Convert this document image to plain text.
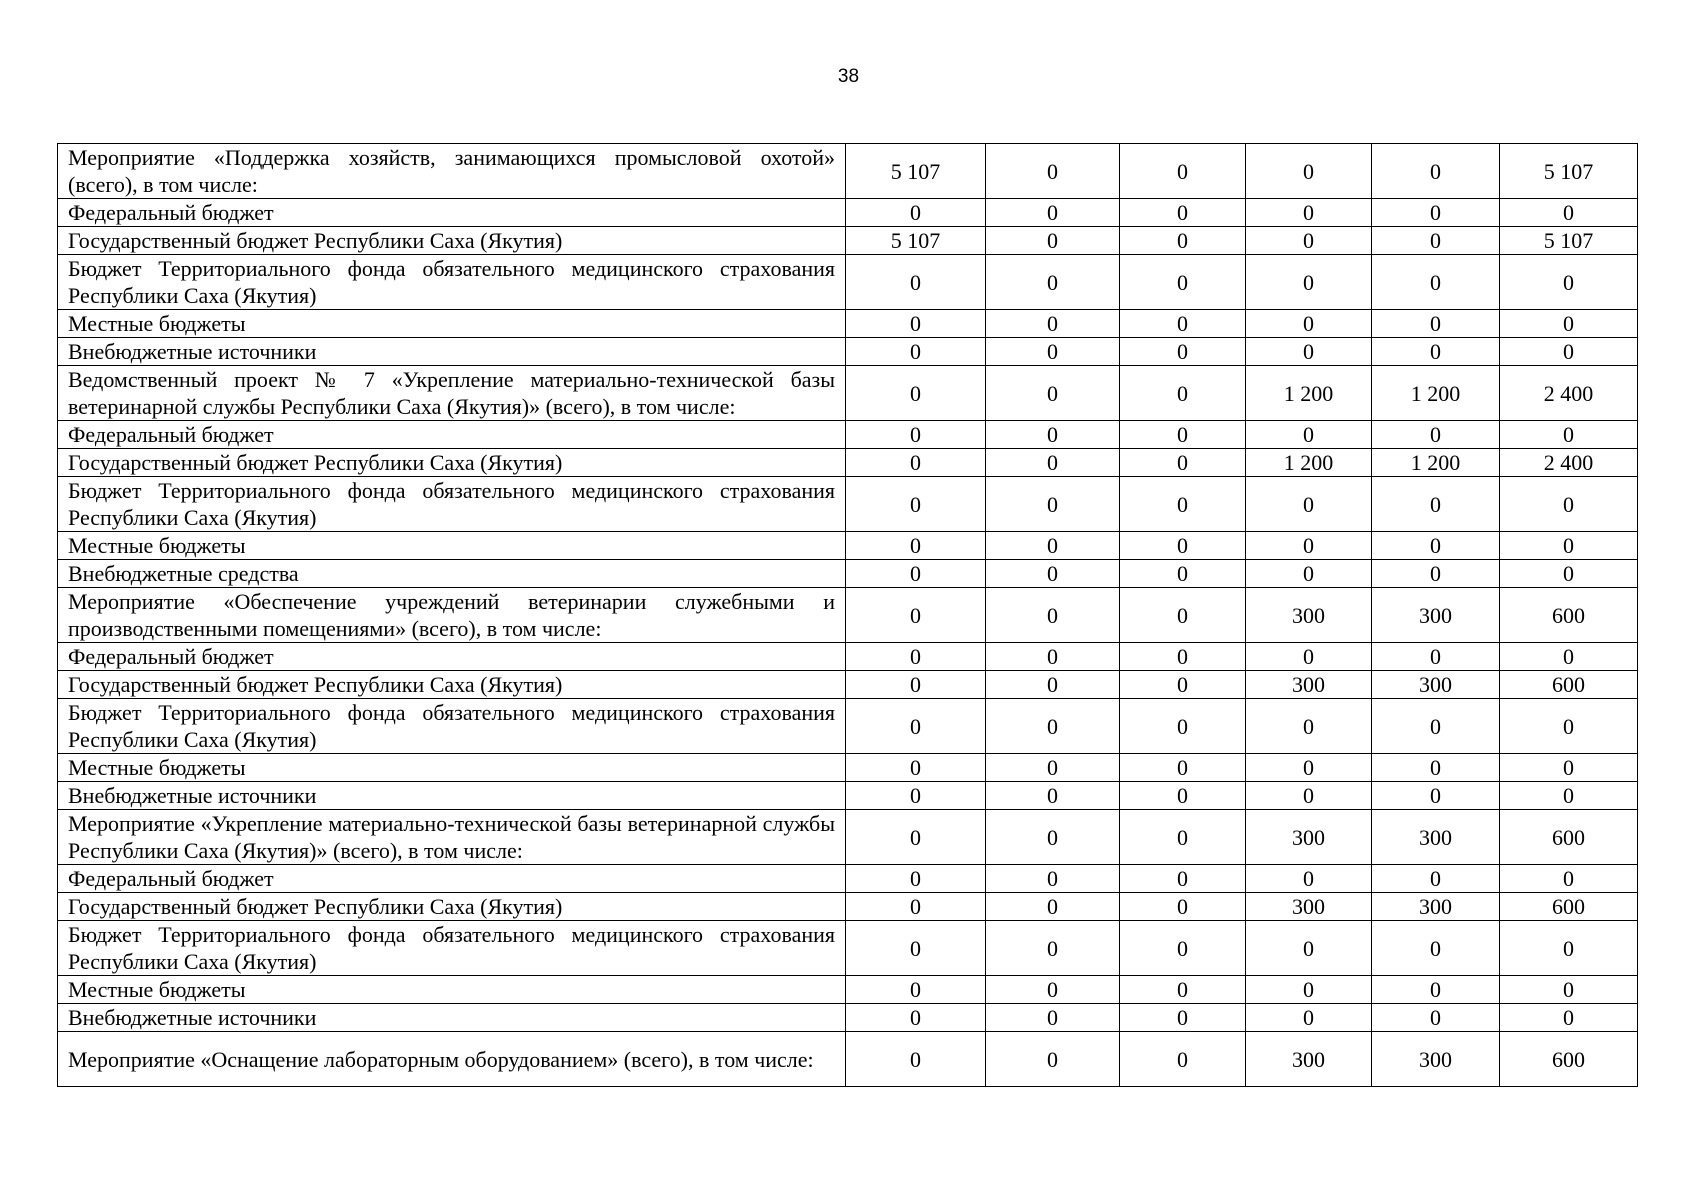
38
Мероприятие «Поддержка хозяйств, занимающихся промысловой охотой» (всего), в том числе:	5 107	0	0	0	0	5 107
Федеральный бюджет	0	0	0	0	0	0
Государственный бюджет Республики Саха (Якутия)	5 107	0	0	0	0	5 107
Бюджет Территориального фонда обязательного медицинского страхования Республики Саха (Якутия)	0	0	0	0	0	0
Местные бюджеты	0	0	0	0	0	0
Внебюджетные источники	0	0	0	0	0	0
Ведомственный проект № 7 «Укрепление материально-технической базы ветеринарной службы Республики Саха (Якутия)» (всего), в том числе:	0	0	0	1 200	1 200	2 400
Федеральный бюджет	0	0	0	0	0	0
Государственный бюджет Республики Саха (Якутия)	0	0	0	1 200	1 200	2 400
Бюджет Территориального фонда обязательного медицинского страхования Республики Саха (Якутия)	0	0	0	0	0	0
Местные бюджеты	0	0	0	0	0	0
Внебюджетные средства	0	0	0	0	0	0
Мероприятие «Обеспечение учреждений ветеринарии служебными и производственными помещениями» (всего), в том числе:	0	0	0	300	300	600
Федеральный бюджет	0	0	0	0	0	0
Государственный бюджет Республики Саха (Якутия)	0	0	0	300	300	600
Бюджет Территориального фонда обязательного медицинского страхования Республики Саха (Якутия)	0	0	0	0	0	0
Местные бюджеты	0	0	0	0	0	0
Внебюджетные источники	0	0	0	0	0	0
Мероприятие «Укрепление материально-технической базы ветеринарной службы Республики Саха (Якутия)» (всего), в том числе:	0	0	0	300	300	600
Федеральный бюджет	0	0	0	0	0	0
Государственный бюджет Республики Саха (Якутия)	0	0	0	300	300	600
Бюджет Территориального фонда обязательного медицинского страхования Республики Саха (Якутия)	0	0	0	0	0	0
Местные бюджеты	0	0	0	0	0	0
Внебюджетные источники	0	0	0	0	0	0
Мероприятие «Оснащение лабораторным оборудованием» (всего), в том числе:	0	0	0	300	300	600
